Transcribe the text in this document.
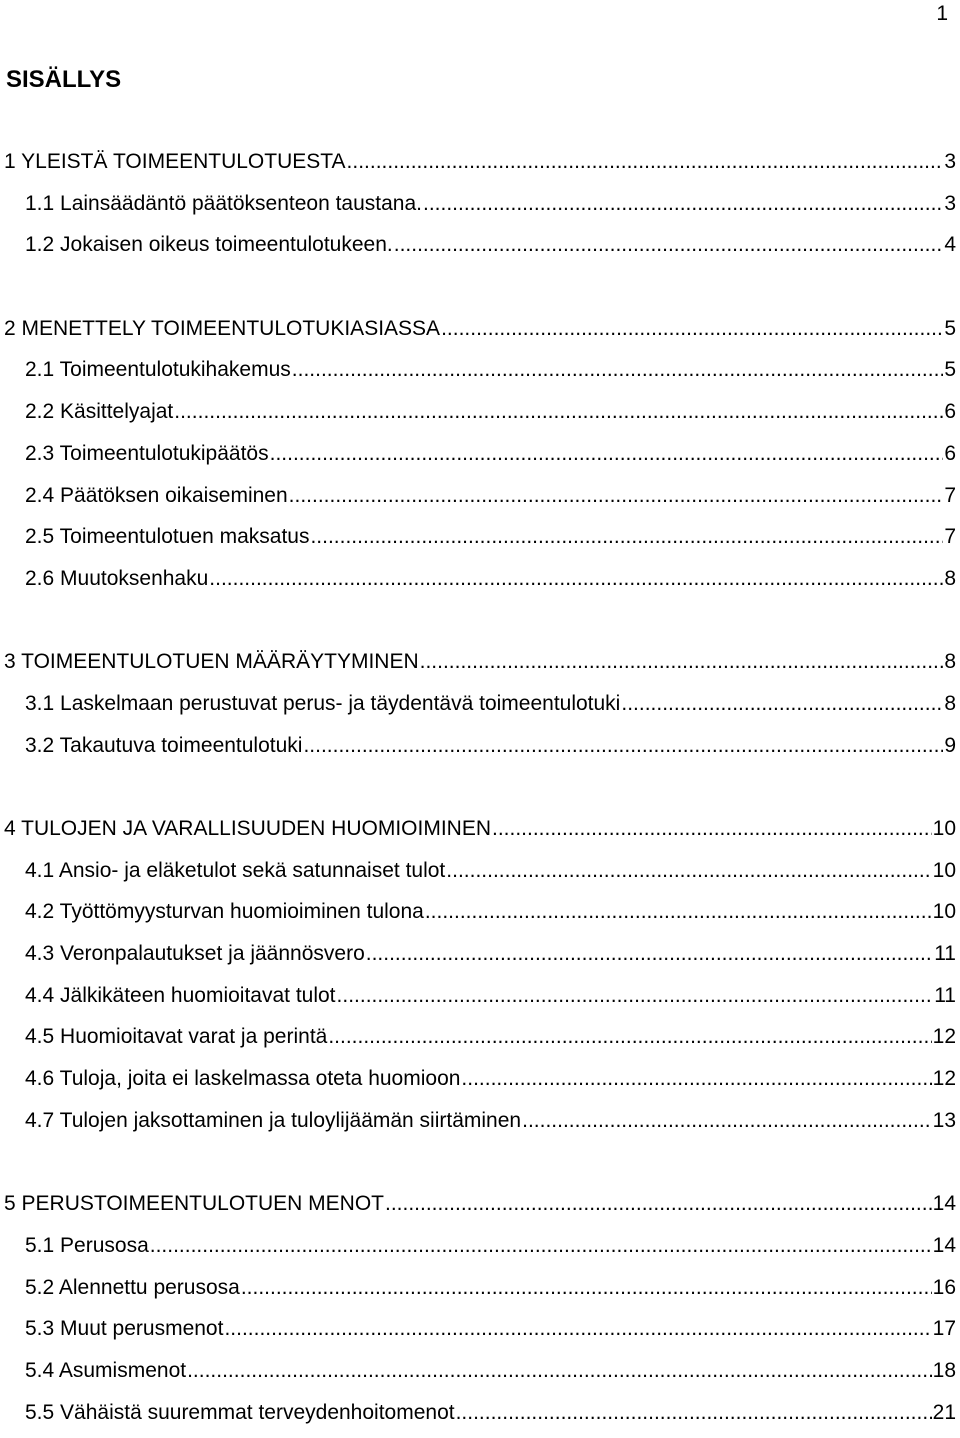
1
SISÄLLYS
1 YLEISTÄ TOIMEENTULOTUESTA .....	3
1.1 Lainsäädäntö päätöksenteon taustana. .....	3
1.2 Jokaisen oikeus toimeentulotukeen. .....	4
2 MENETTELY TOIMEENTULOTUKIASIASSA .....	5
2.1 Toimeentulotukihakemus .....	5
2.2 Käsittelyajat .....	6
2.3 Toimeentulotukipäätös .....	6
2.4 Päätöksen oikaiseminen .....	7
2.5 Toimeentulotuen maksatus .....	7
2.6 Muutoksenhaku .....	8
3 TOIMEENTULOTUEN MÄÄRÄYTYMINEN .....	8
3.1 Laskelmaan perustuvat perus- ja täydentävä toimeentulotuki .....	8
3.2 Takautuva toimeentulotuki .....	9
4 TULOJEN JA VARALLISUUDEN HUOMIOIMINEN .....	10
4.1 Ansio- ja eläketulot sekä satunnaiset tulot .....	10
4.2 Työttömyysturvan huomioiminen tulona .....	10
4.3 Veronpalautukset ja jäännösvero .....	11
4.4 Jälkikäteen huomioitavat tulot .....	11
4.5 Huomioitavat varat ja perintä .....	12
4.6 Tuloja, joita ei laskelmassa oteta huomioon .....	12
4.7 Tulojen jaksottaminen ja tuloylijäämän siirtäminen .....	13
5 PERUSTOIMEENTULOTUEN MENOT .....	14
5.1 Perusosa .....	14
5.2 Alennettu perusosa .....	16
5.3 Muut perusmenot .....	17
5.4 Asumismenot .....	18
5.5 Vähäistä suuremmat terveydenhoitomenot .....	21
